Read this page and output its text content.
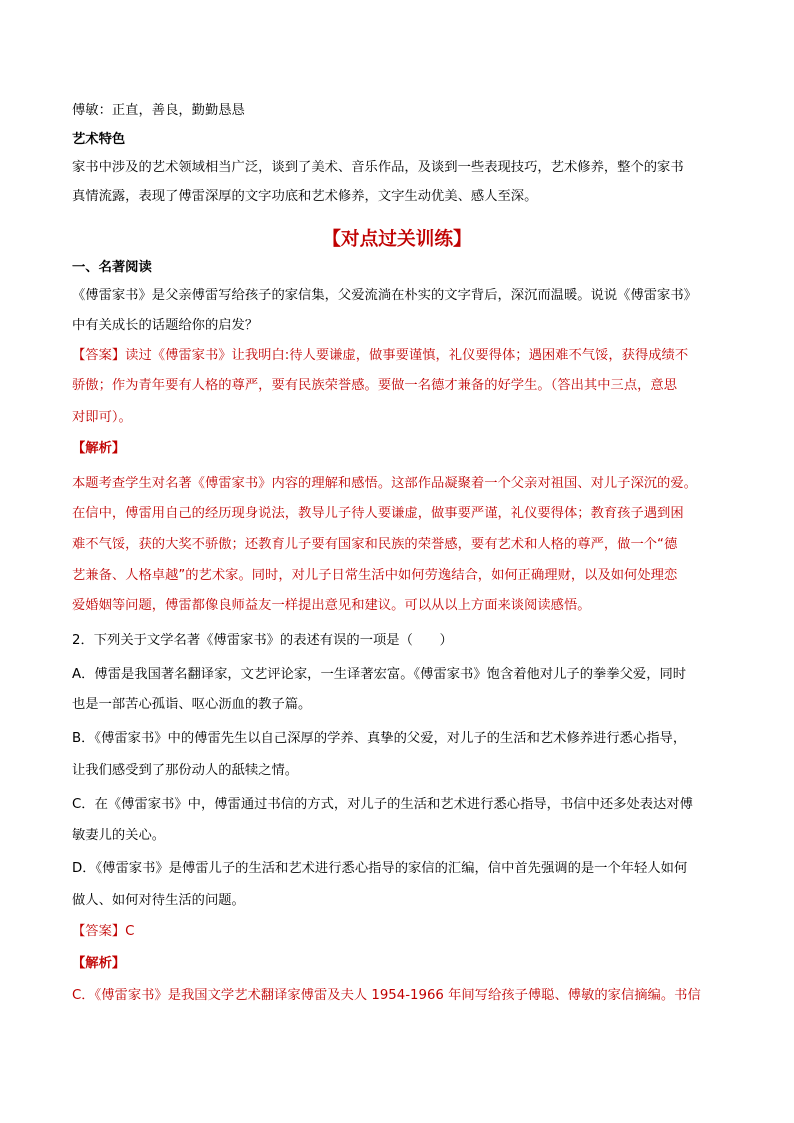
傅敏：正直，善良，勤勤恳恳

艺术特色

家书中涉及的艺术领域相当广泛，谈到了美术、音乐作品，及谈到一些表现技巧，艺术修养，整个的家书

真情流露，表现了傅雷深厚的文字功底和艺术修养，文字生动优美、感人至深。

【对点过关训练】

一、名著阅读

《傅雷家书》是父亲傅雷写给孩子的家信集，父爱流淌在朴实的文字背后，深沉而温暖。说说《傅雷家书》

中有关成长的话题给你的启发？

【答案】读过《傅雷家书》让我明白:待人要谦虚，做事要谨慎，礼仪要得体；遇困难不气馁，获得成绩不

骄傲；作为青年要有人格的尊严，要有民族荣誉感。要做一名德才兼备的好学生。（答出其中三点，意思

对即可）。

【解析】

本题考查学生对名著《傅雷家书》内容的理解和感悟。这部作品凝聚着一个父亲对祖国、对儿子深沉的爱。

在信中，傅雷用自己的经历现身说法，教导儿子待人要谦虚，做事要严谨，礼仪要得体；教育孩子遇到困

难不气馁，获的大奖不骄傲；还教育儿子要有国家和民族的荣誉感，要有艺术和人格的尊严，做一个“德

艺兼备、人格卓越”的艺术家。同时，对儿子日常生活中如何劳逸结合，如何正确理财，以及如何处理恋

爱婚姻等问题，傅雷都像良师益友一样提出意见和建议。可以从以上方面来谈阅读感悟。

2．下列关于文学名著《傅雷家书》的表述有误的一项是（　　）

A．傅雷是我国著名翻译家，文艺评论家，一生译著宏富。《傅雷家书》饱含着他对儿子的拳拳父爱，同时

也是一部苦心孤诣、呕心沥血的教子篇。

B．《傅雷家书》中的傅雷先生以自己深厚的学养、真挚的父爱，对儿子的生活和艺术修养进行悉心指导，

让我们感受到了那份动人的舐犊之情。

C．在《傅雷家书》中，傅雷通过书信的方式，对儿子的生活和艺术进行悉心指导，书信中还多处表达对傅

敏妻儿的关心。

D．《傅雷家书》是傅雷儿子的生活和艺术进行悉心指导的家信的汇编，信中首先强调的是一个年轻人如何

做人、如何对待生活的问题。

【答案】C

【解析】

C．《傅雷家书》是我国文学艺术翻译家傅雷及夫人 1954-1966 年间写给孩子傅聪、傅敏的家信摘编。书信
